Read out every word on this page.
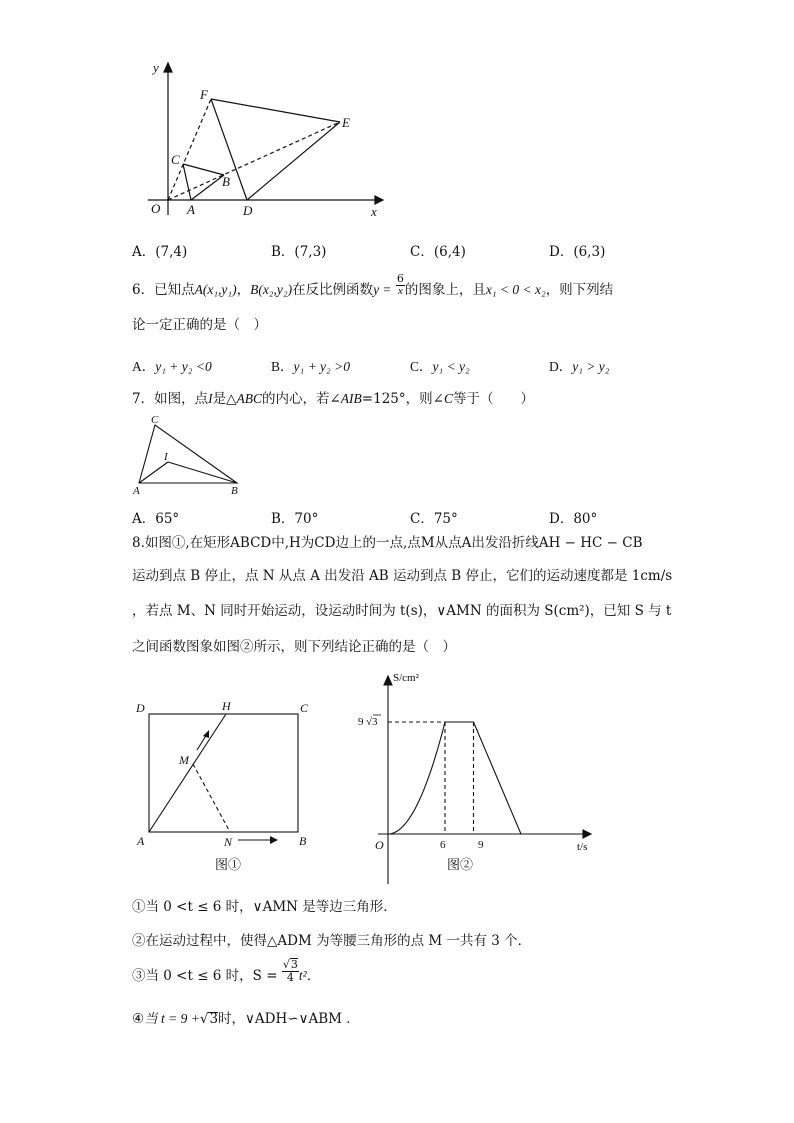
y
x
O A
B
C
D
E
F
A．(7,4)	B．(7,3)	C．(6,4)	D．(6,3)
6．已知点A(x₁,y₁)，B(x₂,y₂)在反比例函数$y = \frac{6}{x}$ 的图象上，且x₁ < 0 < x₂，则下列结
论一定正确的是（　）
A．y₁ + y₂ <0	B．y₁ + y₂ >0	C．y₁ < y₂	D．y₁ > y₂
7．如图，点I是△ABC的内心，若∠AIB=125°，则∠C等于（　　）
C
I
A	B
A．65°	B．70°	C．75°	D．80°
8.如图①,在矩形ABCD中,H为CD边上的一点,点M从点A出发沿折线AH − HC − CB
运动到点 B 停止，点 N 从点 A 出发沿 AB 运动到点 B 停止，它们的运动速度都是 1cm/s
，若点 M、N 同时开始运动，设运动时间为 t(s)，∨AMN 的面积为 S(cm²)，已知 S 与 t
之间函数图象如图②所示，则下列结论正确的是（　）
D	H	C
M
A	N	B
图①
S/cm²
9 √3
O	6	9	t/s
图②
①当 0 <t ≤ 6 时，∨AMN 是等边三角形．
②在运动过程中，使得△ADM 为等腰三角形的点 M 一共有 3 个．
③当 0 <t ≤ 6 时，$S = \frac{√3}{4} t^2$．
④当 t = 9 +√3时，∨ADH∽∨ABM ．
